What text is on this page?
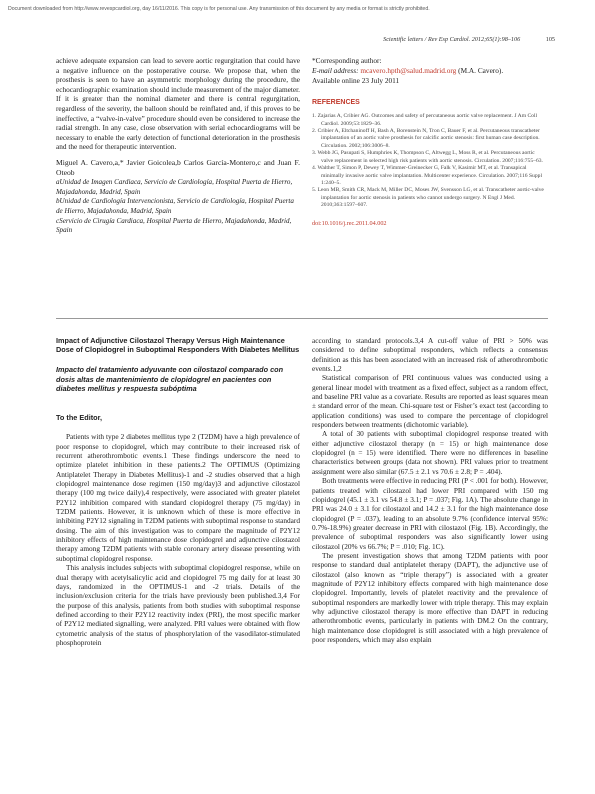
Document downloaded from http://www.revespcardiol.org, day 16/11/2016. This copy is for personal use. Any transmission of this document by any media or format is strictly prohibited.
Scientific letters / Rev Esp Cardiol. 2012;65(1):98–106	105

achieve adequate expansion can lead to severe aortic regurgitation that could have a negative influence on the postoperative course. We propose that, when the prosthesis is seen to have an asymmetric morphology during the procedure, the echocardiographic examination should include measurement of the major diameter. If it is greater than the nominal diameter and there is central regurgitation, regardless of the severity, the balloon should be reinflated and, if this proves to be ineffective, a “valve-in-valve” procedure should even be considered to increase the radial strength. In any case, close observation with serial echocardiograms will be necessary to enable the early detection of functional deterioration in the prosthesis and the need for therapeutic intervention.

Miguel A. Cavero,a,* Javier Goicolea,b Carlos García-Montero,c and Juan F. Oteob

aUnidad de Imagen Cardiaca, Servicio de Cardiología, Hospital Puerta de Hierro, Majadahonda, Madrid, Spain

bUnidad de Cardiología Intervencionista, Servicio de Cardiología, Hospital Puerta de Hierro, Majadahonda, Madrid, Spain

cServicio de Cirugía Cardiaca, Hospital Puerta de Hierro, Majadahonda, Madrid, Spain

*Corresponding author:

E-mail address: mcavero.hpth@salud.madrid.org (M.A. Cavero).

Available online 23 July 2011

REFERENCES
1. Zajarias A, Cribier AG. Outcomes and safety of percutaneous aortic valve replacement. J Am Coll Cardiol. 2009;53:1829–36.
2. Cribier A, Eltchaninoff H, Bash A, Borenstein N, Tron C, Bauer F, et al. Percutaneous transcatheter implantation of an aortic valve prosthesis for calcific aortic stenosis: first human case description. Circulation. 2002;106:3006–8.
3. Webb JG, Pasupati S, Humphries K, Thompson C, Altwegg L, Moss R, et al. Percutaneous aortic valve replacement in selected high risk patients with aortic stenosis. Circulation. 2007;116:755–63.
4. Walther T, Simon P, Dewey T, Wimmer-Greinecker G, Falk V, Kasimir MT, et al. Transapical minimally invasive aortic valve implantation. Multicenter experience. Circulation. 2007;116 Suppl 1:240–5.
5. Leon MB, Smith CR, Mack M, Miller DC, Moses JW, Svensson LG, et al. Transcatheter aortic-valve implantation for aortic stenosis in patients who cannot undergo surgery. N Engl J Med. 2010;363:1597–607.

doi:10.1016/j.rec.2011.04.002

Impact of Adjunctive Cilostazol Therapy Versus High Maintenance Dose of Clopidogrel in Suboptimal Responders With Diabetes Mellitus

Impacto del tratamiento adyuvante con cilostazol comparado con dosis altas de mantenimiento de clopidogrel en pacientes con diabetes mellitus y respuesta subóptima

To the Editor,

Patients with type 2 diabetes mellitus type 2 (T2DM) have a high prevalence of poor response to clopidogrel, which may contribute to their increased risk of recurrent atherothrombotic events.1 These findings underscore the need to optimize platelet inhibition in these patients.2 The OPTIMUS (Optimizing Antiplatelet Therapy in Diabetes Mellitus)-1 and -2 studies observed that a high clopidogrel maintenance dose regimen (150 mg/day)3 and adjunctive cilostazol therapy (100 mg twice daily),4 respectively, were associated with greater platelet P2Y12 inhibition compared with standard clopidogrel therapy (75 mg/day) in T2DM patients. However, it is unknown which of these is more effective in inhibiting P2Y12 signaling in T2DM patients with suboptimal response to standard dosing. The aim of this investigation was to compare the magnitude of P2Y12 inhibitory effects of high maintenance dose clopidogrel and adjunctive cilostazol therapy among T2DM patients with stable coronary artery disease presenting with suboptimal clopidogrel response.

This analysis includes subjects with suboptimal clopidogrel response, while on dual therapy with acetylsalicylic acid and clopidogrel 75 mg daily for at least 30 days, randomized in the OPTIMUS-1 and -2 trials. Details of the inclusion/exclusion criteria for the trials have previously been published.3,4 For the purpose of this analysis, patients from both studies with suboptimal response defined according to their P2Y12 reactivity index (PRI), the most specific marker of P2Y12 mediated signalling, were analyzed. PRI values were obtained with flow cytometric analysis of the status of phosphorylation of the vasodilator-stimulated phosphoprotein

according to standard protocols.3,4 A cut-off value of PRI > 50% was considered to define suboptimal responders, which reflects a consensus definition as this has been associated with an increased risk of atherothrombotic events.1,2

Statistical comparison of PRI continuous values was conducted using a general linear model with treatment as a fixed effect, subject as a random effect, and baseline PRI value as a covariate. Results are reported as least squares mean ± standard error of the mean. Chi-square test or Fisher’s exact test (according to application conditions) was used to compare the percentage of clopidogrel responders between treatments (dichotomic variable).

A total of 30 patients with suboptimal clopidogrel response treated with either adjunctive cilostazol therapy (n = 15) or high maintenance dose clopidogrel (n = 15) were identified. There were no differences in baseline characteristics between groups (data not shown). PRI values prior to treatment assignment were also similar (67.5 ± 2.1 vs 70.6 ± 2.8; P = .404).

Both treatments were effective in reducing PRI (P < .001 for both). However, patients treated with cilostazol had lower PRI compared with 150 mg clopidogrel (45.1 ± 3.1 vs 54.8 ± 3.1; P = .037; Fig. 1A). The absolute change in PRI was 24.0 ± 3.1 for cilostazol and 14.2 ± 3.1 for the high maintenance dose clopidogrel (P = .037), leading to an absolute 9.7% (confidence interval 95%: 0.7%-18.9%) greater decrease in PRI with cilostazol (Fig. 1B). Accordingly, the prevalence of suboptimal responders was also significantly lower using cilostazol (20% vs 66.7%; P = .010; Fig. 1C).

The present investigation shows that among T2DM patients with poor response to standard dual antiplatelet therapy (DAPT), the adjunctive use of cilostazol (also known as “triple therapy”) is associated with a greater magnitude of P2Y12 inhibitory effects compared with high maintenance dose clopidogrel. Importantly, levels of platelet reactivity and the prevalence of suboptimal responders are markedly lower with triple therapy. This may explain why adjunctive cilostazol therapy is more effective than DAPT in reducing atherothrombotic events, particularly in patients with DM.2 On the contrary, high maintenance dose clopidogrel is still associated with a high prevalence of poor responders, which may also explain
